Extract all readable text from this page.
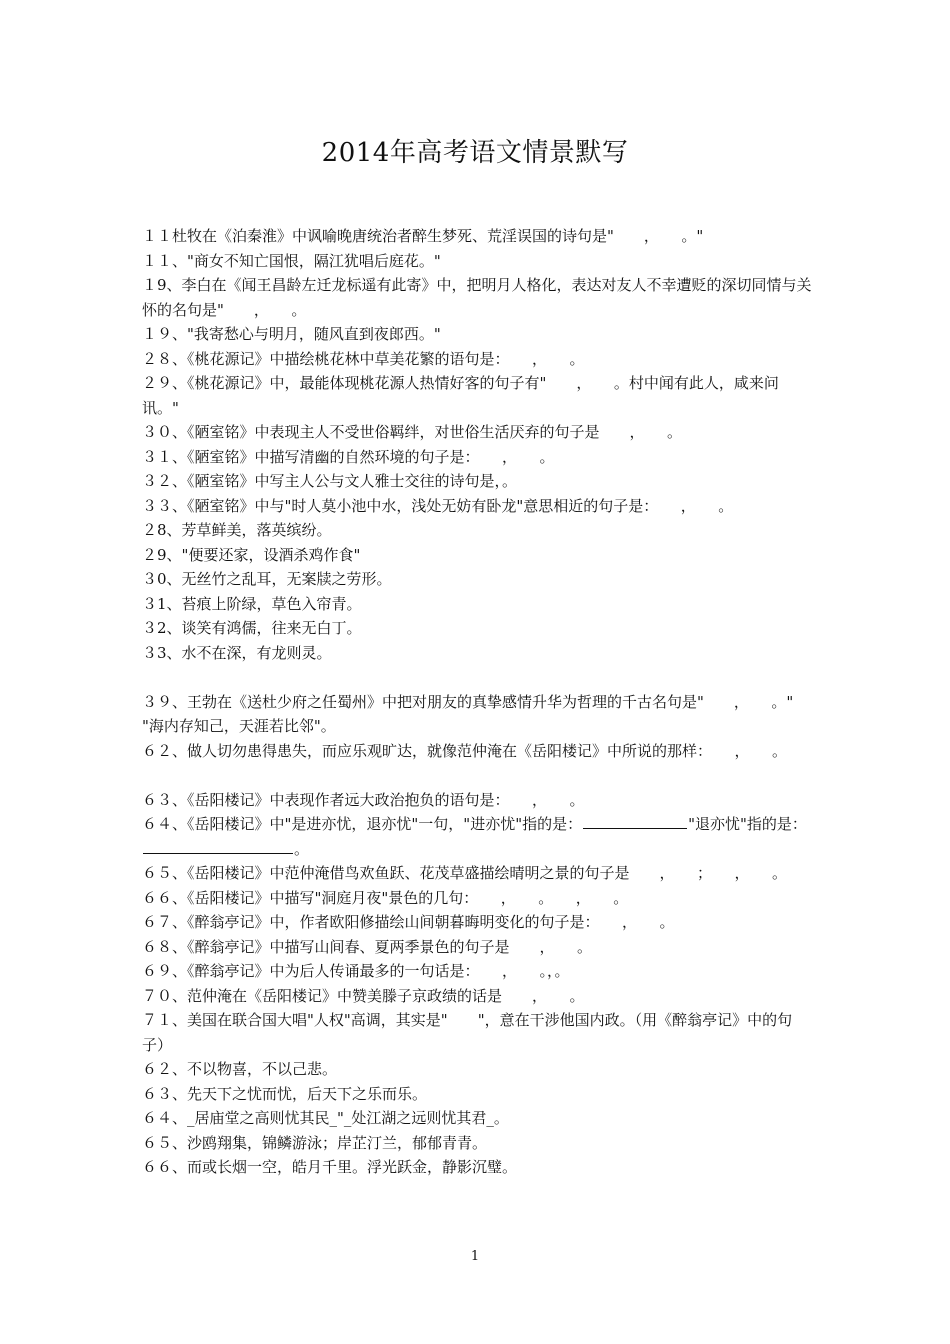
2014年高考语文情景默写
１１杜牧在《泊秦淮》中讽喻晚唐统治者醉生梦死、荒淫误国的诗句是"　　，　　。"
１１、"商女不知亡国恨，隔江犹唱后庭花。"
１9、李白在《闻王昌龄左迁龙标遥有此寄》中，把明月人格化，表达对友人不幸遭贬的深切同情与关怀的名句是"　　，　　。
１９、"我寄愁心与明月，随风直到夜郎西。"
２８、《桃花源记》中描绘桃花林中草美花繁的语句是：　　，　　。
２９、《桃花源记》中，最能体现桃花源人热情好客的句子有"　　，　　。村中闻有此人，咸来问讯。"
３０、《陋室铭》中表现主人不受世俗羁绊，对世俗生活厌弃的句子是　　，　　。
３１、《陋室铭》中描写清幽的自然环境的句子是：　　，　　。
３２、《陋室铭》中写主人公与文人雅士交往的诗句是，。
３３、《陋室铭》中与"时人莫小池中水，浅处无妨有卧龙"意思相近的句子是：　　，　　。
２8、芳草鲜美，落英缤纷。
２9、"便要还家，设酒杀鸡作食"
３0、无丝竹之乱耳，无案牍之劳形。
３1、苔痕上阶绿，草色入帘青。
３2、谈笑有鸿儒，往来无白丁。
３3、水不在深，有龙则灵。
３９、王勃在《送杜少府之任蜀州》中把对朋友的真挚感情升华为哲理的千古名句是"　　，　　。"
"海内存知己，天涯若比邻"。
６２、做人切勿患得患失，而应乐观旷达，就像范仲淹在《岳阳楼记》中所说的那样：　　，　　。
６３、《岳阳楼记》中表现作者远大政治抱负的语句是：　　，　　。
６４、《岳阳楼记》中"是进亦忧，退亦忧"一句，"进亦忧"指的是：	"退亦忧"指的是：。
６５、《岳阳楼记》中范仲淹借鸟欢鱼跃、花茂草盛描绘晴明之景的句子是　　，　　；　　，　　。
６６、《岳阳楼记》中描写"洞庭月夜"景色的几句：　　，　　。　　，　　。
６７、《醉翁亭记》中，作者欧阳修描绘山间朝暮晦明变化的句子是：　　，　　。
６８、《醉翁亭记》中描写山间春、夏两季景色的句子是　　，　　。
６９、《醉翁亭记》中为后人传诵最多的一句话是：　　，　　。，。
７０、范仲淹在《岳阳楼记》中赞美滕子京政绩的话是　　，　　。
７１、美国在联合国大唱"人权"高调，其实是"　　"，意在干涉他国内政。（用《醉翁亭记》中的句子）
６２、不以物喜，不以己悲。
６３、先天下之忧而忧，后天下之乐而乐。
６４、_居庙堂之高则忧其民_"_处江湖之远则忧其君_。
６５、沙鸥翔集，锦鳞游泳；岸芷汀兰，郁郁青青。
６６、而或长烟一空，皓月千里。浮光跃金，静影沉璧。
1
